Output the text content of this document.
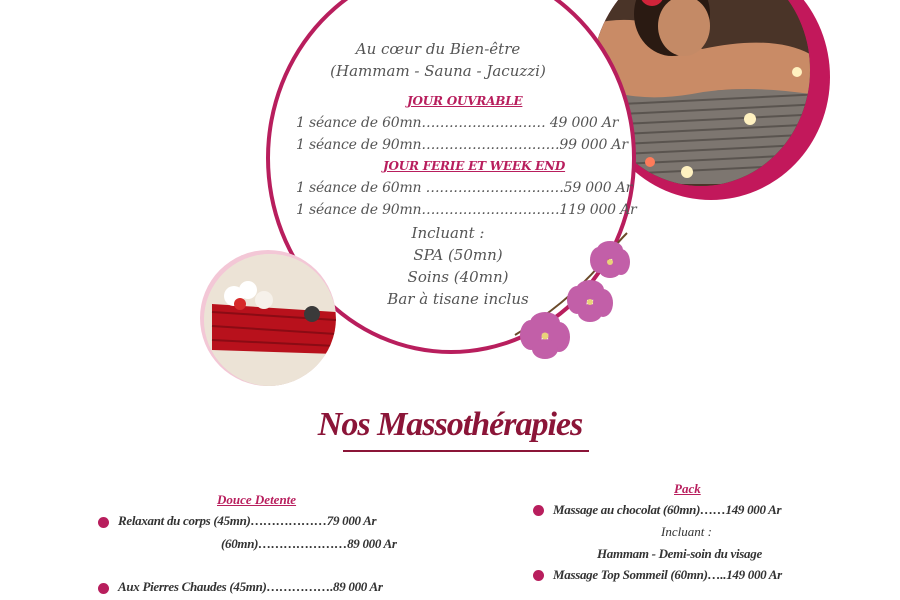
Au cœur du Bien-être
(Hammam - Sauna - Jacuzzi)
JOUR OUVRABLE
1 séance de 60mn……………………… 49 000 Ar
1 séance de 90mn…………………………99 000 Ar
JOUR FERIE ET WEEK END
1 séance de 60mn …………………………59 000 Ar
1 séance de 90mn…………………………119 000 Ar
Incluant :
SPA (50mn)
Soins (40mn)
Bar à tisane inclus
Nos Massothérapies
Douce Detente
Relaxant du corps (45mn)………………79 000 Ar
(60mn)…………………89 000 Ar
Aux Pierres Chaudes (45mn)…………….89 000 Ar
Pack
Massage au chocolat (60mn)……149 000 Ar
Incluant :
Hammam - Demi-soin du visage
Massage Top Sommeil (60mn)…..149 000 Ar
